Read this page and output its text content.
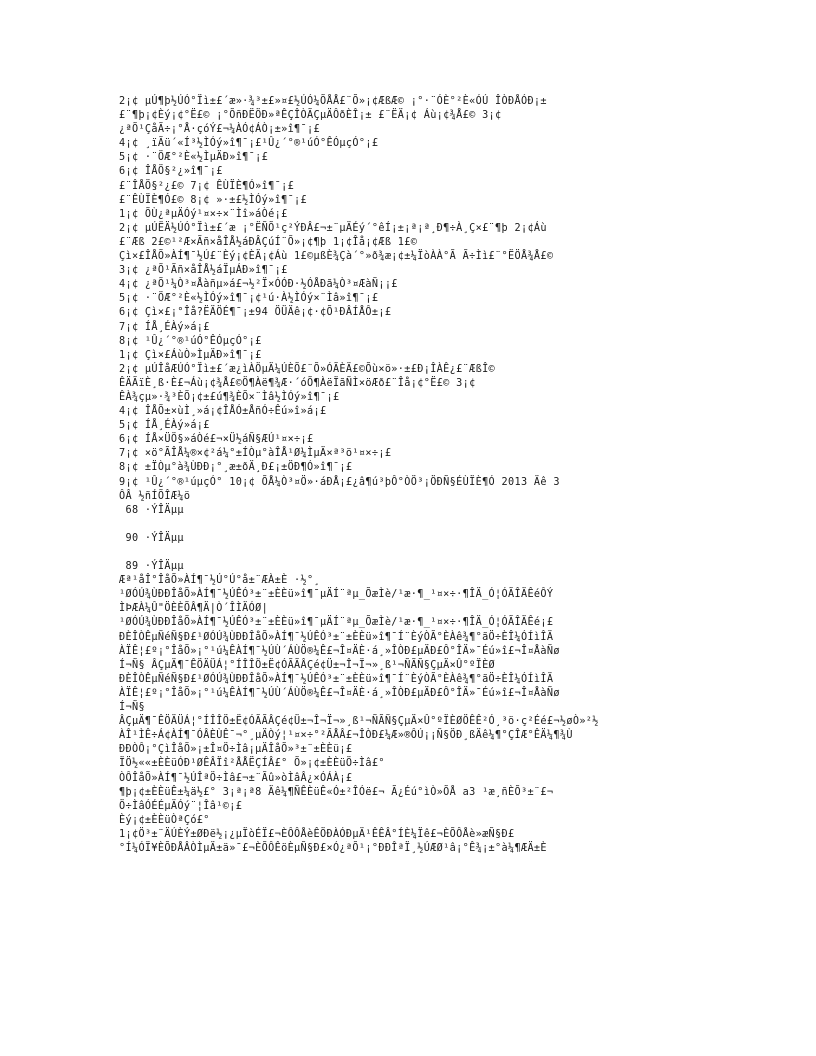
2¡¢ µÚ¶þ½ÚÓ°Ïì±£´æ»·¾³±£»¤£½ÚÓ¼ÕÅÅ£¨Õ»¡¢ÆßÆ© ¡°·¨ÓÈ°²È«ÓÚ ÎÒÐÅÓÐ¡±
£¨¶þ¡¢Èý¡¢°Ë£© ¡°ÕñÐËÖÐ»ªÊÇÎÒÃÇµÄÔðÈÎ¡± £¨ËÄ¡¢ Áù¡¢¾Å£© 3¡¢
¿ªÕ¹ÇåÃ÷¡°Å·çóÝ£¬¼ÀÓ¢ÁÒ¡±»î¶¯¡£
4¡¢ ¸ïÃü´«Í³½ÌÓý»î¶¯¡£¹Û¿´°®¹úÓ°ÊÓµçÓ°¡£
5¡¢ ·¨ÖÆ°²È«½ÌµÄÐ»î¶¯¡£
6¡¢ ÎÅÖ§²¿»î¶¯¡£
£¨ÎÅÖ§²¿£© 7¡¢ ÊÙÏÈ¶Ó»î¶¯¡£
£¨ÊÙÏÈ¶Ó£© 8¡¢ »·±£½ÌÓý»î¶¯¡£
1¡¢ ÕÙ¿ªµÄÓý¹¤×÷×¨Ìî»áÒé¡£
2¡¢ µÚËÄ½ÚÓ°Ïì±£´æ ¡°ËÑÕ¹ç²ÝÐÂ£¬±¨µÄÉý´°êÍ¡±¡ª¡ª¸Ð¶÷À¸Ç×£¨¶þ 2¡¢Áù
£¨Æß 2£©¹²Æ×Ãñ×åÎÅ½áÐÂÇúÍ¨Õ»¡¢¶þ 1¡¢Îå¡¢Æß 1£©
Çì×£ÎÅÕ»ÀÍ¶¯½Ú£¨Èý¡¢ÈÄ¡¢Áù 1£©µßÈ¾Çà´°»ð¾æ¡¢±¼ÏòÀÀ°Ã Ã÷Ìì£¨°ËÖÅ¾Å£©
3¡¢ ¿ªÕ¹Ãñ×åÎÅ½áÏµÁÐ»î¶¯¡£
4¡¢ ¿ªÕ¹¼Ò³¤Åàñµ»á£¬½²Ï×ÓÓÐ·½ÓÅÐã¼Ò³¤ÆàÑ¡¡£
5¡¢ ·¨ÖÆ°²È«½ÌÓý»î¶¯¡¢¹ú·À½ÌÓý×¨Ìâ»î¶¯¡£
6¡¢ Çì×£¡°Îå?ËÄÖÉ¶¯¡±94 ÖÜÄê¡¢·¢Õ¹ÐÂÍÅÔ±¡£
7¡¢ ÍÅ¸ÉÀý»á¡£
8¡¢ ¹Û¿´°®¹úÓ°ÊÓµçÓ°¡£
1¡¢ Çì×£ÁùÒ»ÌµÄÐ»î¶¯¡£
2¡¢ µÚÎåÆÚÓ°Ïì±£´æ¿ìÀÖµÄ¼ÚÈÕ£¨Õ»ÓÃÈÄ£©Õù×ö»·±£Ð¡ÎÀÊ¿£¨ÆßÎ©
ÊÄÃïÈ¸ß·È£¬Áù¡¢¾Å£©Ö¶Àë¶¾Æ·´óÕ¶ÀëÏãÑÌ×öÆð£¨Îå¡¢°Ë£© 3¡¢
ÊÀ¾çµ»·¾³ÈÕ¡¢±£ú¶¾ÈÕ×¨Ìâ½ÌÓý»î¶¯¡£
4¡¢ ÎÅÕ±×ùÌ¸»á¡¢ÎÅÓ±ÅñÓ÷Êú»î»á¡£
5¡¢ ÍÅ¸ÉÀý»á¡£
6¡¢ ÍÅ×ÜÖ§»áÒé£¬×Ü½áÑ§ÆÚ¹¤×÷¡£
7¡¢ ×ö°ÃÎÅ¼®×¢²á¼°±ÍÒµ°àÎÅ¹Ø¼ÌµÄ×ª³ö¹¤×÷¡£
8¡¢ ±ÏÒµ°à¾ÙÐÐ¡°¸æ±ðÄ¸Ð£¡±ÖÐ¶Ó»î¶¯¡£
9¡¢ ¹Û¿´°®¹úµçÓ° 10¡¢ ÕÅ¼Ò³¤Ö»·áÐÅ¡£¿â¶ú³þÔ°ÒÖ³¡ÖÐÑ§ÉÙÏÈ¶Ó 2013 Äê 3
ÔÂ ½ñÍÕÎÆ¼ö
68 ·ÝÎÄµµ
90 ·ÝÎÄµµ
89 ·ÝÎÄµµ
Æª¹åÎ°ÎåÕ»ÀÍ¶¯½Ú°Ú°å±¨ÆÀ±È ·½°¸
¹ØÓÚ¾ÙÐÐÎåÕ»ÀÍ¶¯½ÚÊÓ³±¨±ÈÈü»î¶¯µÄÍ¨ªµ_ÕæÌè/¹æ·¶_¹¤×÷·¶ÎÄ_Ó¦ÓÃÎÄÊéÔÝ
ÌÞÆÀ¼Û"ÖÈÈÕÂ¶Ä|Ò´ÎÌÄÓØ|
¹ØÓÚ¾ÙÐÐÎåÕ»ÀÍ¶¯½ÚÊÓ³±¨±ÈÈü»î¶¯µÄÍ¨ªµ_ÕæÌè/¹æ·¶_¹¤×÷·¶ÎÄ_Ó¦ÓÃÎÄÊé¡£
ÐÈÎÒÊµÑéÑ§Ð£¹ØÓÚ¾ÙÐÐÎåÕ»ÀÍ¶¯½ÚÊÓ³±¨±ÈÈü»î¶¯Í¨ÈýÒÃ°ÈÀê¾¶°ãÖ÷ÈÎ¼ÓÍìÎÄ
ÀÏÊ¦£º¡°ÎåÕ»¡°¹ú¼ÊÀÍ¶¯½ÚÙ´ÁÙÖ®¼Ê£¬Î¤ÄÈ·á¸»ÎÒÐ£µÄÐ£Ô°ÎÄ»¯Éú»î£¬Î¤ÅàÑø
Í¬Ñ§ ÂÇµÄ¶¯ÊÖÄÜÁ¦°ÍÎÎÖ±Ë¢ÓÃÃÂÇé¢Ü±¬Î¬Ï¬»¸ß¹¬ÑÃÑ§ÇµÄ×Û°ºÏÈØ
ÐÈÎÒÊµÑéÑ§Ð£¹ØÓÚ¾ÙÐÐÎåÕ»ÀÍ¶¯½ÚÊÓ³±¨±ÈÈü»î¶¯Í¨ÈýÒÃ°ÈÀê¾¶°ãÖ÷ÈÎ¼ÓÍìÎÄ
ÀÏÊ¦£º¡°ÎåÕ»¡°¹ú¼ÊÀÍ¶¯½ÚÙ´ÁÙÖ®¼Ê£¬Î¤ÄÈ·á¸»ÎÒÐ£µÄÐ£Ô°ÎÄ»¯Éú»î£¬Î¤ÅàÑø
Í¬Ñ§
ÂÇµÄ¶¯ÊÖÄÜÁ¦°ÍÎÎÖ±Ë¢ÓÃÃÂÇé¢Ü±¬Î¬Ï¬»¸ß¹¬ÑÃÑ§ÇµÄ×Û°ºÏÈØÖÊÊ²Ó¸³ö·ç²Éé£¬½øÒ»²½
ÀÎ¹ÌÊ÷Á¢ÀÍ¶¯ÓÂÈÙÊ¯¬°¸µÄÒý¦¹¤×÷°²ÃÅÂ£¬ÎÒÐ£¼Æ»®ÔÚ¡¡Ñ§ÖÐ¸ßÄê¼¶°ÇÎÆ°ÊÄ¼¶¾Ù
ÐÐÒÔ¡°ÇìÎåÕ»¡±Î¤Ö÷Ìâ¡µÄÎåÕ»³±¨±ÈÈü¡£
ÏÖ½««±ÈÈüÓÐ¹ØÊÂÏî²ÅÅËÇÍÂ£° Õ»¡¢±ÈÈüÖ÷Ìâ£°
ÒÔÎåÕ»ÀÍ¶¯½ÚÎªÖ÷Ìâ£¬±¨Ãû»òÌâÂ¿×ÓÁÀ¡£
¶þ¡¢±ÈÈüÊ±¼ä½£° 3¡ª¡ª8 Äê¼¶ÑÊÈüÊ«Ó±²ÎÓë£¬ Ã¿Éú°ìÒ»ÕÅ a3 ¹æ¸ñÈÕ³±¨£¬
Ö÷ÌâÓÉÉµÄÓý¨¦Îâ¹©¡£
Èý¡¢±ÈÈüÒªÇó£°
1¡¢Ö³±¨ÄÚÈÝ±ØÐë½¡¿µÏòÉÏ£¬ÈÔÔÅèÊÖÐÀÓÐµÄ¹ÊÊÂ°ÍÈ¼Ïê£¬ÈÕÔÅè»æÑ§Ð£
°Í¼ÓÏ¥ÈÕÐÅÂÒÌµÄ±ä»¯£¬ÈÕÔÊöÈµÑ§Ð£×Ó¿ªÕ¹¡°ÐÐÎªÏ¸½ÚÆØ¹â¡°Ê¾¡±°à¼¶ÆÄ±È
